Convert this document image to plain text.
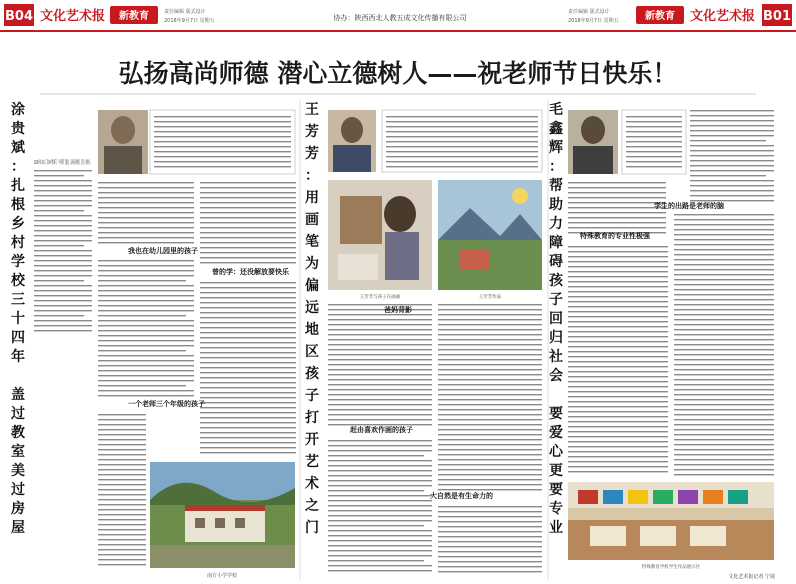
B04 文化艺术报 新教育	责任编辑 版式设计
2018年9月7日 星期五	协办：陕西西北人教五成文化传播有限公司
责任编辑 版式设计
2018年9月7日 星期五	新教育 文化艺术报 B01
弘扬高尚师德 潜心立德树人——祝老师节日快乐！
涂
贵
斌
：
扎
根
乡
村
学
校
三
十
四
年
盖
过
教
室
美
过
房
屋
我也在幼儿园里的孩子
曾的学：还没解放要快乐
一个老师三个年级的孩子
南方小学学校
王
芳
芳
：
用
画
笔
为
偏
远
地
区
孩
子
打
开
艺
术
之
门
王芳芳与孩子在画画	王芳芳作品
爸妈背影
赶由喜欢作画的孩子
大自然是有生命力的
毛
鑫
辉
：
帮
助
力
障
碍
孩
子
回
归
社
会
要
爱
心
更
要
专
业
学生的出路是老师的脑
特殊教育的专业性极强
特殊教育学校学生作品展示区
文化艺术报记者 宁展
